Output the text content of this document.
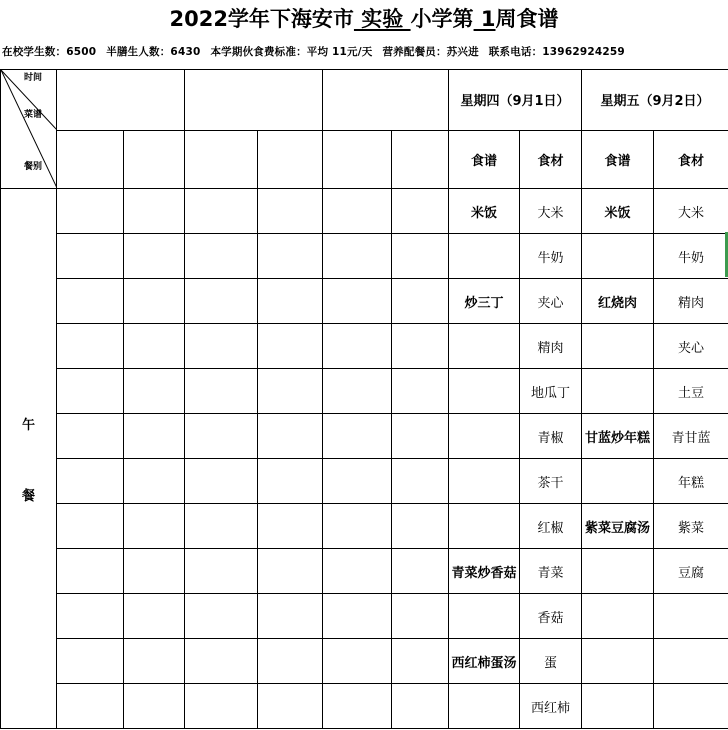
2022学年下海安市 实验 小学第 1周食谱
在校学生数：6500 半膳生人数：6430 本学期伙食费标准：平均 11元/天 营养配餐员：苏兴进 联系电话：13962924259
时间
菜谱
餐别							星期四（9月1日）		星期五（9月2日）	
							食谱	食材	食谱	食材

午
餐							米饭	大米	米饭	大米
								牛奶		牛奶
							炒三丁	夹心	红烧肉	精肉
								精肉		夹心
								地瓜丁		土豆
								青椒	甘蓝炒年糕	青甘蓝
								茶干		年糕
								红椒	紫菜豆腐汤	紫菜
							青菜炒香菇	青菜		豆腐
								香菇		
							西红柿蛋汤	蛋		
								西红柿		
